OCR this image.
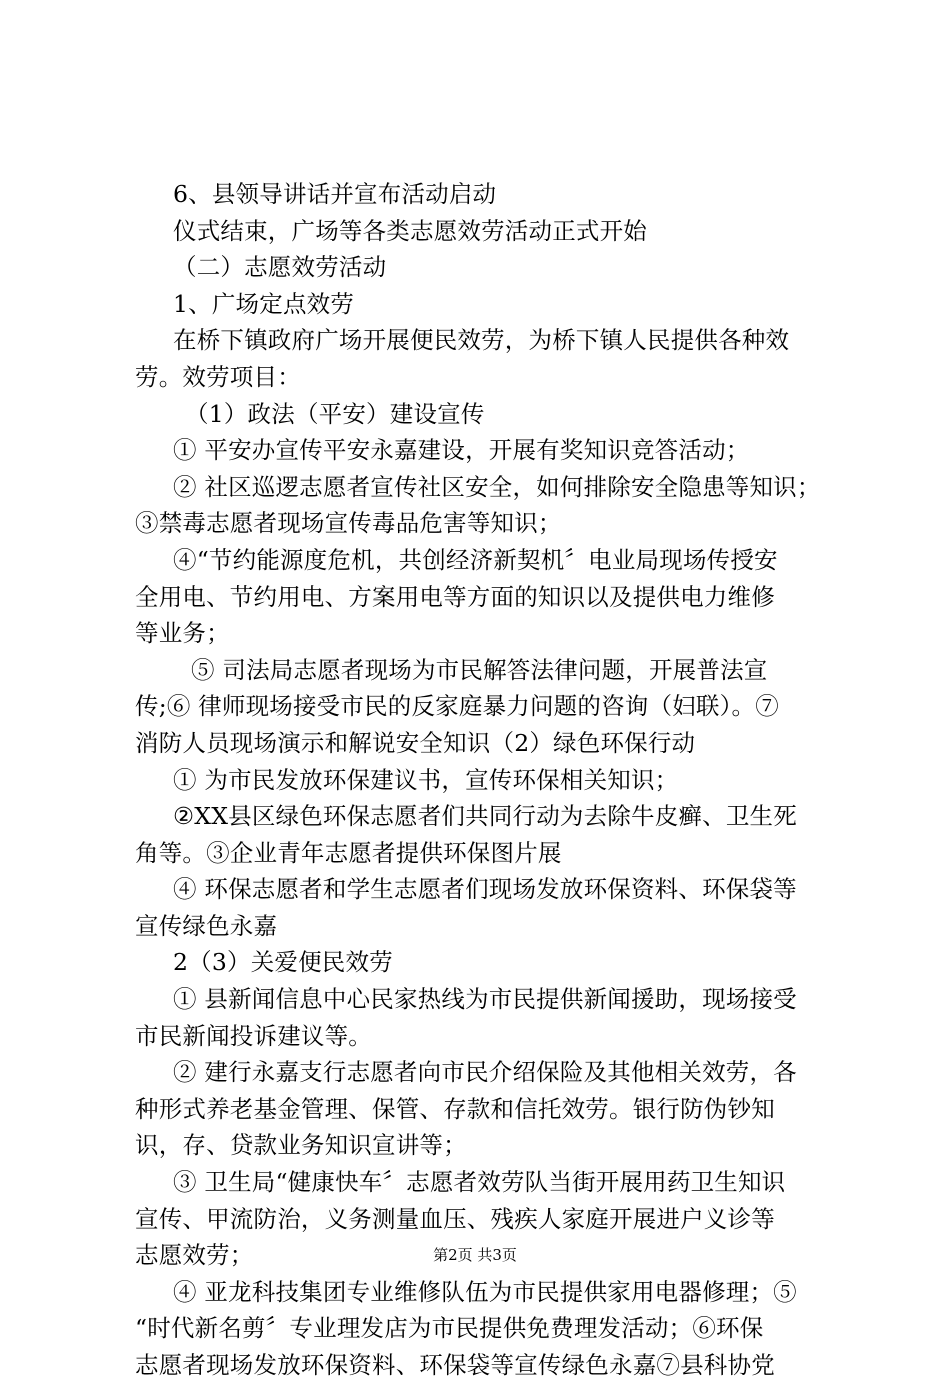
6、县领导讲话并宣布活动启动
仪式结束，广场等各类志愿效劳活动正式开始
（二）志愿效劳活动
1、广场定点效劳
在桥下镇政府广场开展便民效劳，为桥下镇人民提供各种效
劳。效劳项目：
（1）政法（平安）建设宣传
① 平安办宣传平安永嘉建设，开展有奖知识竞答活动；
② 社区巡逻志愿者宣传社区安全，如何排除安全隐患等知识；
③禁毒志愿者现场宣传毒品危害等知识；
④“节约能源度危机，共创经济新契机〞电业局现场传授安
全用电、节约用电、方案用电等方面的知识以及提供电力维修
等业务；
⑤ 司法局志愿者现场为市民解答法律问题，开展普法宣
传;⑥ 律师现场接受市民的反家庭暴力问题的咨询（妇联）。⑦
消防人员现场演示和解说安全知识（2）绿色环保行动
① 为市民发放环保建议书，宣传环保相关知识；
②XX县区绿色环保志愿者们共同行动为去除牛皮癣、卫生死
角等。③企业青年志愿者提供环保图片展
④ 环保志愿者和学生志愿者们现场发放环保资料、环保袋等
宣传绿色永嘉
2（3）关爱便民效劳
① 县新闻信息中心民家热线为市民提供新闻援助，现场接受
市民新闻投诉建议等。
② 建行永嘉支行志愿者向市民介绍保险及其他相关效劳，各
种形式养老基金管理、保管、存款和信托效劳。银行防伪钞知
识，存、贷款业务知识宣讲等；
③ 卫生局“健康快车〞志愿者效劳队当街开展用药卫生知识
宣传、甲流防治，义务测量血压、残疾人家庭开展进户义诊等
志愿效劳；
④ 亚龙科技集团专业维修队伍为市民提供家用电器修理；⑤
“时代新名剪〞专业理发店为市民提供免费理发活动；⑥环保
志愿者现场发放环保资料、环保袋等宣传绿色永嘉⑦县科协党
第2页 共3页
